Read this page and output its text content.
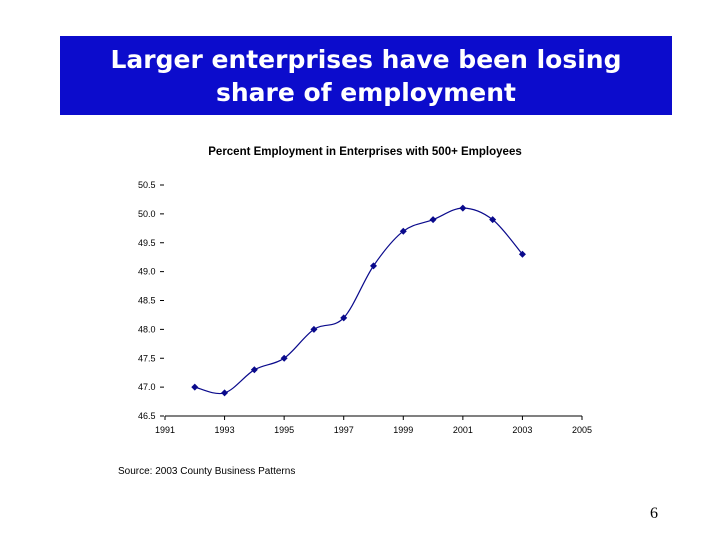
Larger enterprises have been losing
share of employment
Percent Employment in Enterprises with 500+ Employees
1991	1993	1995	1997	1999	2001	2003	2005
50.5
50.0
49.5
49.0
48.5
48.0
47.5
47.0
46.5
Source: 2003 County Business Patterns
6
